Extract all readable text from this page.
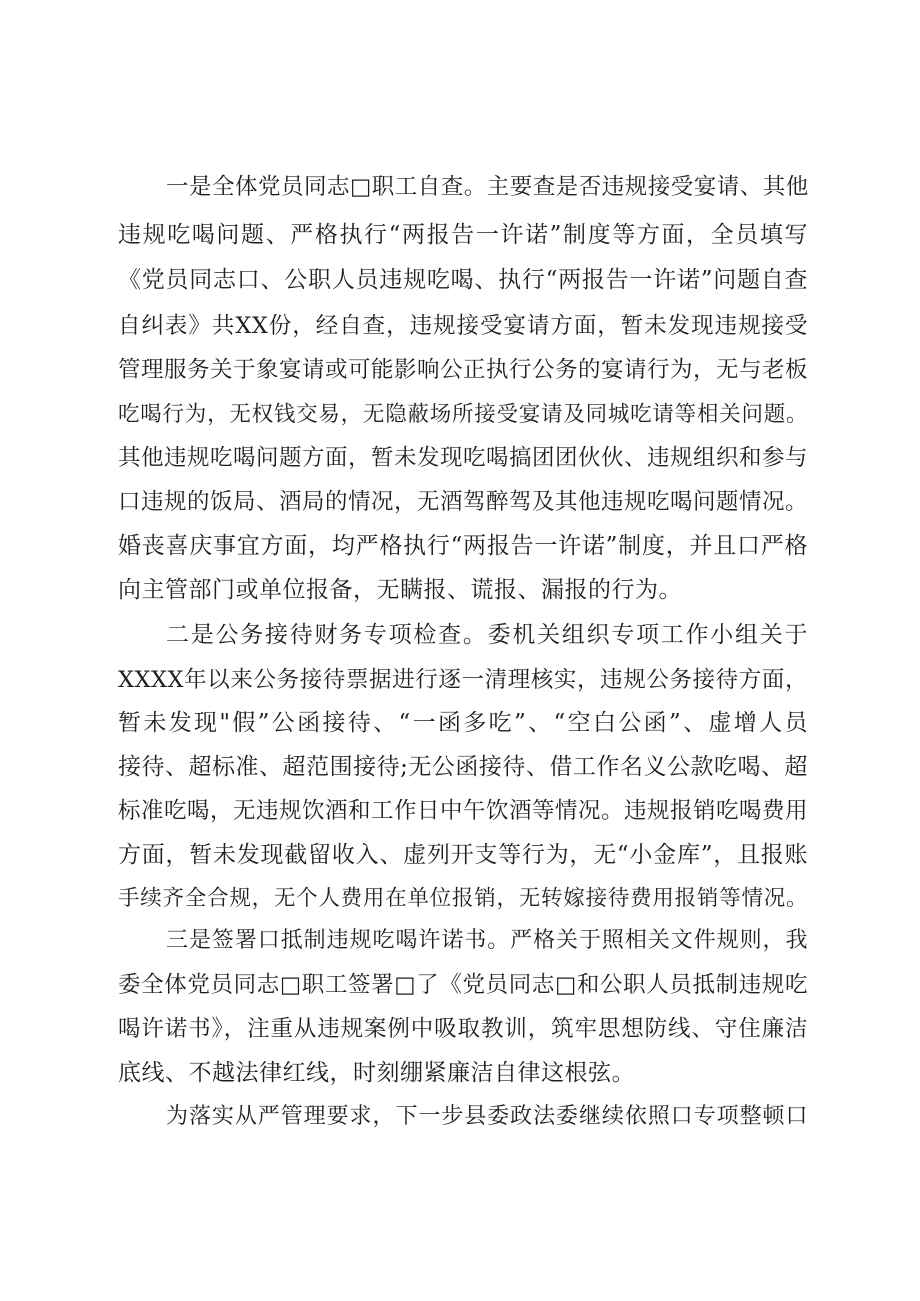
一是全体党员同志□职工自查。主要查是否违规接受宴请、其他

违规吃喝问题、严格执行“两报告一许诺”制度等方面，全员填写

《党员同志口、公职人员违规吃喝、执行“两报告一许诺”问题自查

自纠表》共XX份，经自查，违规接受宴请方面，暂未发现违规接受

管理服务关于象宴请或可能影响公正执行公务的宴请行为，无与老板

吃喝行为，无权钱交易，无隐蔽场所接受宴请及同城吃请等相关问题。

其他违规吃喝问题方面，暂未发现吃喝搞团团伙伙、违规组织和参与

口违规的饭局、酒局的情况，无酒驾醉驾及其他违规吃喝问题情况。

婚丧喜庆事宜方面，均严格执行“两报告一许诺”制度，并且口严格

向主管部门或单位报备，无瞒报、谎报、漏报的行为。

二是公务接待财务专项检查。委机关组织专项工作小组关于

XXXX年以来公务接待票据进行逐一清理核实，违规公务接待方面，

暂未发现"假”公函接待、“一函多吃”、“空白公函”、虚增人员

接待、超标准、超范围接待;无公函接待、借工作名义公款吃喝、超

标准吃喝，无违规饮酒和工作日中午饮酒等情况。违规报销吃喝费用

方面，暂未发现截留收入、虚列开支等行为，无“小金库”，且报账

手续齐全合规，无个人费用在单位报销，无转嫁接待费用报销等情况。

三是签署口抵制违规吃喝许诺书。严格关于照相关文件规则，我

委全体党员同志□职工签署□了《党员同志□和公职人员抵制违规吃

喝许诺书》，注重从违规案例中吸取教训，筑牢思想防线、守住廉洁

底线、不越法律红线，时刻绷紧廉洁自律这根弦。

为落实从严管理要求，下一步县委政法委继续依照口专项整顿口
